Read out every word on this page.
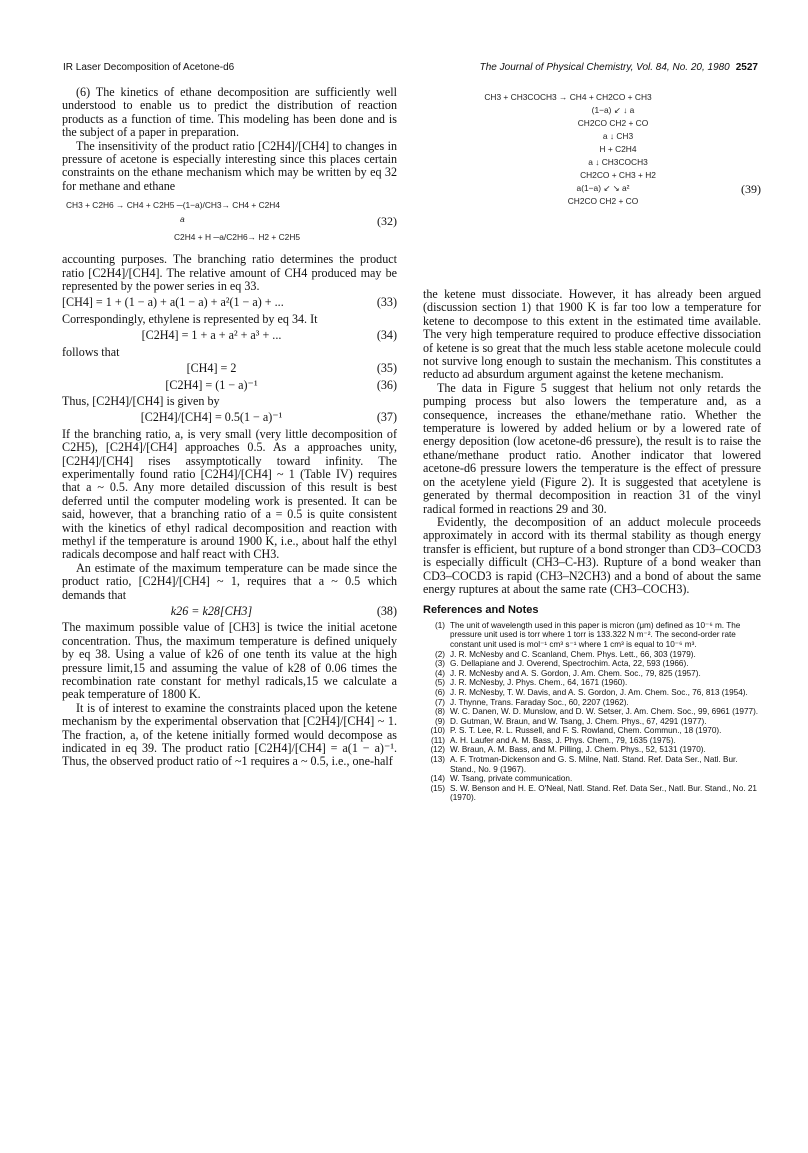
IR Laser Decomposition of Acetone-d6	The Journal of Physical Chemistry, Vol. 84, No. 20, 1980 2527

(6) The kinetics of ethane decomposition are sufficiently well understood to enable us to predict the distribution of reaction products as a function of time. This modeling has been done and is the subject of a paper in preparation.

The insensitivity of the product ratio [C2H4]/[CH4] to changes in pressure of acetone is especially interesting since this places certain constraints on the ethane mechanism which may be written by eq 32 for methane and ethane

CH3 + C2H6 → CH4 + C2H5 ─(1−a)/CH3→ CH4 + C2H4
a
C2H4 + H ─a/C2H6→ H2 + C2H5
(32)

accounting purposes. The branching ratio determines the product ratio [C2H4]/[CH4]. The relative amount of CH4 produced may be represented by the power series in eq 33.

[CH4] = 1 + (1 − a) + a(1 − a) + a²(1 − a) + ...	(33)

Correspondingly, ethylene is represented by eq 34. It

[C2H4] = 1 + a + a² + a³ + ...	(34)

follows that

[CH4] = 2	(35)
[C2H4] = (1 − a)⁻¹	(36)

Thus, [C2H4]/[CH4] is given by

[C2H4]/[CH4] = 0.5(1 − a)⁻¹	(37)

If the branching ratio, a, is very small (very little decomposition of C2H5), [C2H4]/[CH4] approaches 0.5. As a approaches unity, [C2H4]/[CH4] rises assymptotically toward infinity. The experimentally found ratio [C2H4]/[CH4] ~ 1 (Table IV) requires that a ~ 0.5. Any more detailed discussion of this result is best deferred until the computer modeling work is presented. It can be said, however, that a branching ratio of a = 0.5 is quite consistent with the kinetics of ethyl radical decomposition and reaction with methyl if the temperature is around 1900 K, i.e., about half the ethyl radicals decompose and half react with CH3.

An estimate of the maximum temperature can be made since the product ratio, [C2H4]/[CH4] ~ 1, requires that a ~ 0.5 which demands that

k26 = k28[CH3]	(38)

The maximum possible value of [CH3] is twice the initial acetone concentration. Thus, the maximum temperature is defined uniquely by eq 38. Using a value of k26 of one tenth its value at the high pressure limit,15 and assuming the value of k28 of 0.06 times the recombination rate constant for methyl radicals,15 we calculate a peak temperature of 1800 K.

It is of interest to examine the constraints placed upon the ketene mechanism by the experimental observation that [C2H4]/[CH4] ~ 1. The fraction, a, of the ketene initially formed would decompose as indicated in eq 39. The product ratio [C2H4]/[CH4] = a(1 − a)⁻¹. Thus, the observed product ratio of ~1 requires a ~ 0.5, i.e., one-half

CH3 + CH3COCH3 → CH4 + CH2CO + CH3
(1−a) ↙ ↓ a
CH2CO CH2 + CO
a ↓ CH3
H + C2H4
a ↓ CH3COCH3
CH2CO + CH3 + H2
a(1−a) ↙ ↘ a²
CH2CO CH2 + CO
(39)

the ketene must dissociate. However, it has already been argued (discussion section 1) that 1900 K is far too low a temperature for ketene to decompose to this extent in the estimated time available. The very high temperature required to produce effective dissociation of ketene is so great that the much less stable acetone molecule could not survive long enough to sustain the mechanism. This constitutes a reducto ad absurdum argument against the ketene mechanism.

The data in Figure 5 suggest that helium not only retards the pumping process but also lowers the temperature and, as a consequence, increases the ethane/methane ratio. Whether the temperature is lowered by added helium or by a lowered rate of energy deposition (low acetone-d6 pressure), the result is to raise the ethane/methane product ratio. Another indicator that lowered acetone-d6 pressure lowers the temperature is the effect of pressure on the acetylene yield (Figure 2). It is suggested that acetylene is generated by thermal decomposition in reaction 31 of the vinyl radical formed in reactions 29 and 30.

Evidently, the decomposition of an adduct molecule proceeds approximately in accord with its thermal stability as though energy transfer is efficient, but rupture of a bond stronger than CD3–COCD3 is especially difficult (CH3–C-H3). Rupture of a bond weaker than CD3–COCD3 is rapid (CH3–N2CH3) and a bond of about the same energy ruptures at about the same rate (CH3–COCH3).

References and Notes
(1) The unit of wavelength used in this paper is micron (μm) defined as 10⁻⁶ m. The pressure unit used is torr where 1 torr is 133.322 N m⁻². The second-order rate constant unit used is mol⁻¹ cm³ s⁻¹ where 1 cm³ is equal to 10⁻⁶ m³.
(2) J. R. McNesby and C. Scanland, Chem. Phys. Lett., 66, 303 (1979).
(3) G. Dellapiane and J. Overend, Spectrochim. Acta, 22, 593 (1966).
(4) J. R. McNesby and A. S. Gordon, J. Am. Chem. Soc., 79, 825 (1957).
(5) J. R. McNesby, J. Phys. Chem., 64, 1671 (1960).
(6) J. R. McNesby, T. W. Davis, and A. S. Gordon, J. Am. Chem. Soc., 76, 813 (1954).
(7) J. Thynne, Trans. Faraday Soc., 60, 2207 (1962).
(8) W. C. Danen, W. D. Munslow, and D. W. Setser, J. Am. Chem. Soc., 99, 6961 (1977).
(9) D. Gutman, W. Braun, and W. Tsang, J. Chem. Phys., 67, 4291 (1977).
(10) P. S. T. Lee, R. L. Russell, and F. S. Rowland, Chem. Commun., 18 (1970).
(11) A. H. Laufer and A. M. Bass, J. Phys. Chem., 79, 1635 (1975).
(12) W. Braun, A. M. Bass, and M. Pilling, J. Chem. Phys., 52, 5131 (1970).
(13) A. F. Trotman-Dickenson and G. S. Milne, Natl. Stand. Ref. Data Ser., Natl. Bur. Stand., No. 9 (1967).
(14) W. Tsang, private communication.
(15) S. W. Benson and H. E. O'Neal, Natl. Stand. Ref. Data Ser., Natl. Bur. Stand., No. 21 (1970).
